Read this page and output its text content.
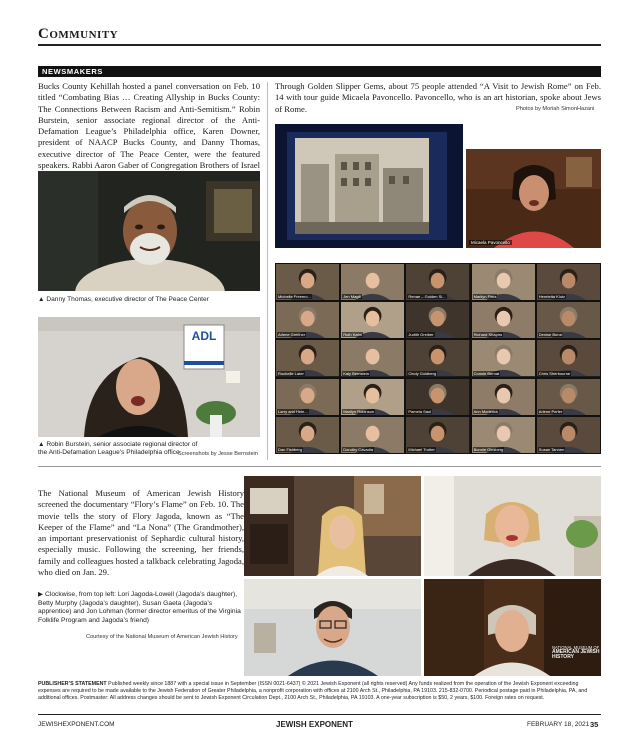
Community
NEWSMAKERS
Bucks County Kehillah hosted a panel conversation on Feb. 10 titled “Combating Bias … Creating Allyship in Bucks County: The Connections Between Racism and Anti-Semitism.” Robin Burstein, senior associate regional director of the Anti-Defamation League’s Philadelphia office, Karen Downer, president of NAACP Bucks County, and Danny Thomas, executive director of The Peace Center, were the featured speakers. Rabbi Aaron Gaber of Congregation Brothers of Israel
▲ Danny Thomas, executive director of The Peace Center
ADL
▲ Robin Burstein, senior associate regional director of the Anti-Defamation League’s Philadelphia office
Screenshots by Jesse Bernstein
Through Golden Slipper Gems, about 75 people attended “A Visit to Jewish Rome” on Feb. 14 with tour guide Micaela Pavoncello. Pavoncello, who is an art historian, spoke about Jews of Rome.	Photos by Moriah SimonHazani
Micaela Pavoncello
Michelle Freemo...	Jen Magill	Renae – Golden Sl...	Marilyn Fima	Henrietta Klotz
Arlene Greither	Ruth Kahn	Judith Greiber	Richard Shapiro	Denise Bunzl
Rochelle Later	Kaly Bernstein	Cindy Goldberg	Connie Bernat	Chris Sherbourne
Larry and Hele...	Marilyn Robinson	Pamela Saul	Ann Moderick	Arlene Porter
Dan Fishberg	Dorothy Cavadia	Michael Trotter	Bonnie Ginsberg	Susan Tannen
The National Museum of American Jewish History screened the documentary “Flory’s Flame” on Feb. 10. The movie tells the story of Flory Jagoda, known as “The Keeper of the Flame” and “La Nona” (The Grandmother), an important preservationist of Sephardic cultural history, especially music. Following the screening, her friends, family and colleagues hosted a talkback celebrating Jagoda, who died on Jan. 29.
▶ Clockwise, from top left: Lori Jagoda-Lowell (Jagoda’s daughter), Betty Murphy (Jagoda’s daughter), Susan Gaeta (Jagoda’s apprentice) and Jon Lohman (former director emeritus of the Virginia Folklife Program and Jagoda’s friend)
Courtesy of the National Museum of American Jewish History
NATIONAL MUSEUM OF
AMERICAN JEWISH
HISTORY
PUBLISHER’S STATEMENT Published weekly since 1887 with a special issue in September (ISSN 0021-6437) © 2021 Jewish Exponent (all rights reserved) Any funds realized from the operation of the Jewish Exponent exceeding expenses are required to be made available to the Jewish Federation of Greater Philadelphia, a nonprofit corporation with offices at 2100 Arch St., Philadelphia, PA 19103. 215-832-0700. Periodical postage paid in Philadelphia, PA, and additional offices. Postmaster: All address changes should be sent to Jewish Exponent Circulation Dept., 2100 Arch St., Philadelphia, PA 19103. A one-year subscription is $50, 2 years, $100. Foreign rates on request.
JEWISHEXPONENT.COM	JEWISH EXPONENT	FEBRUARY 18, 2021 35
